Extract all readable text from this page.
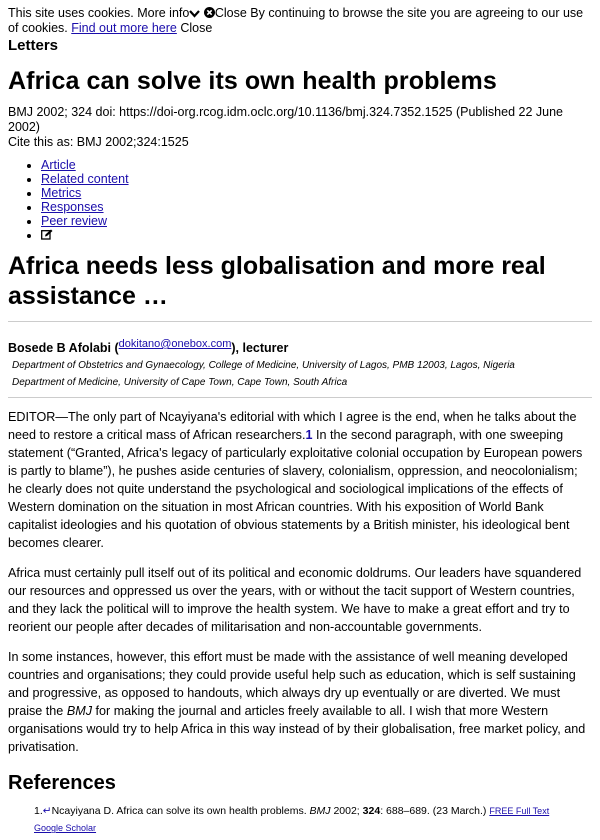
This site uses cookies. More info Close By continuing to browse the site you are agreeing to our use of cookies. Find out more here Close
Letters
Africa can solve its own health problems
BMJ 2002; 324 doi: https://doi-org.rcog.idm.oclc.org/10.1136/bmj.324.7352.1525 (Published 22 June 2002)
Cite this as: BMJ 2002;324:1525
• Article
• Related content
• Metrics
• Responses
• Peer review
•
Africa needs less globalisation and more real assistance …
Bosede B Afolabi ($^{dokitano@onebox.com}$), lecturer
Department of Obstetrics and Gynaecology, College of Medicine, University of Lagos, PMB 12003, Lagos, Nigeria
Department of Medicine, University of Cape Town, Cape Town, South Africa

EDITOR—The only part of Ncayiyana's editorial with which I agree is the end, when he talks about the need to restore a critical mass of African researchers.1 In the second paragraph, with one sweeping statement (“Granted, Africa's legacy of particularly exploitative colonial occupation by European powers is partly to blame”), he pushes aside centuries of slavery, colonialism, oppression, and neocolonialism; he clearly does not quite understand the psychological and sociological implications of the effects of Western domination on the situation in most African countries. With his exposition of World Bank capitalist ideologies and his quotation of obvious statements by a British minister, his ideological bent becomes clearer.

Africa must certainly pull itself out of its political and economic doldrums. Our leaders have squandered our resources and oppressed us over the years, with or without the tacit support of Western countries, and they lack the political will to improve the health system. We have to make a great effort and try to reorient our people after decades of militarisation and non-accountable governments.

In some instances, however, this effort must be made with the assistance of well meaning developed countries and organisations; they could provide useful help such as education, which is self sustaining and progressive, as opposed to handouts, which always dry up eventually or are diverted. We must praise the BMJ for making the journal and articles freely available to all. I wish that more Western organisations would try to help Africa in this way instead of by their globalisation, free market policy, and privatisation.

References
1.↵Ncayiyana D. Africa can solve its own health problems. BMJ 2002; 324: 688–689. (23 March.) FREE Full Text
Google Scholar
